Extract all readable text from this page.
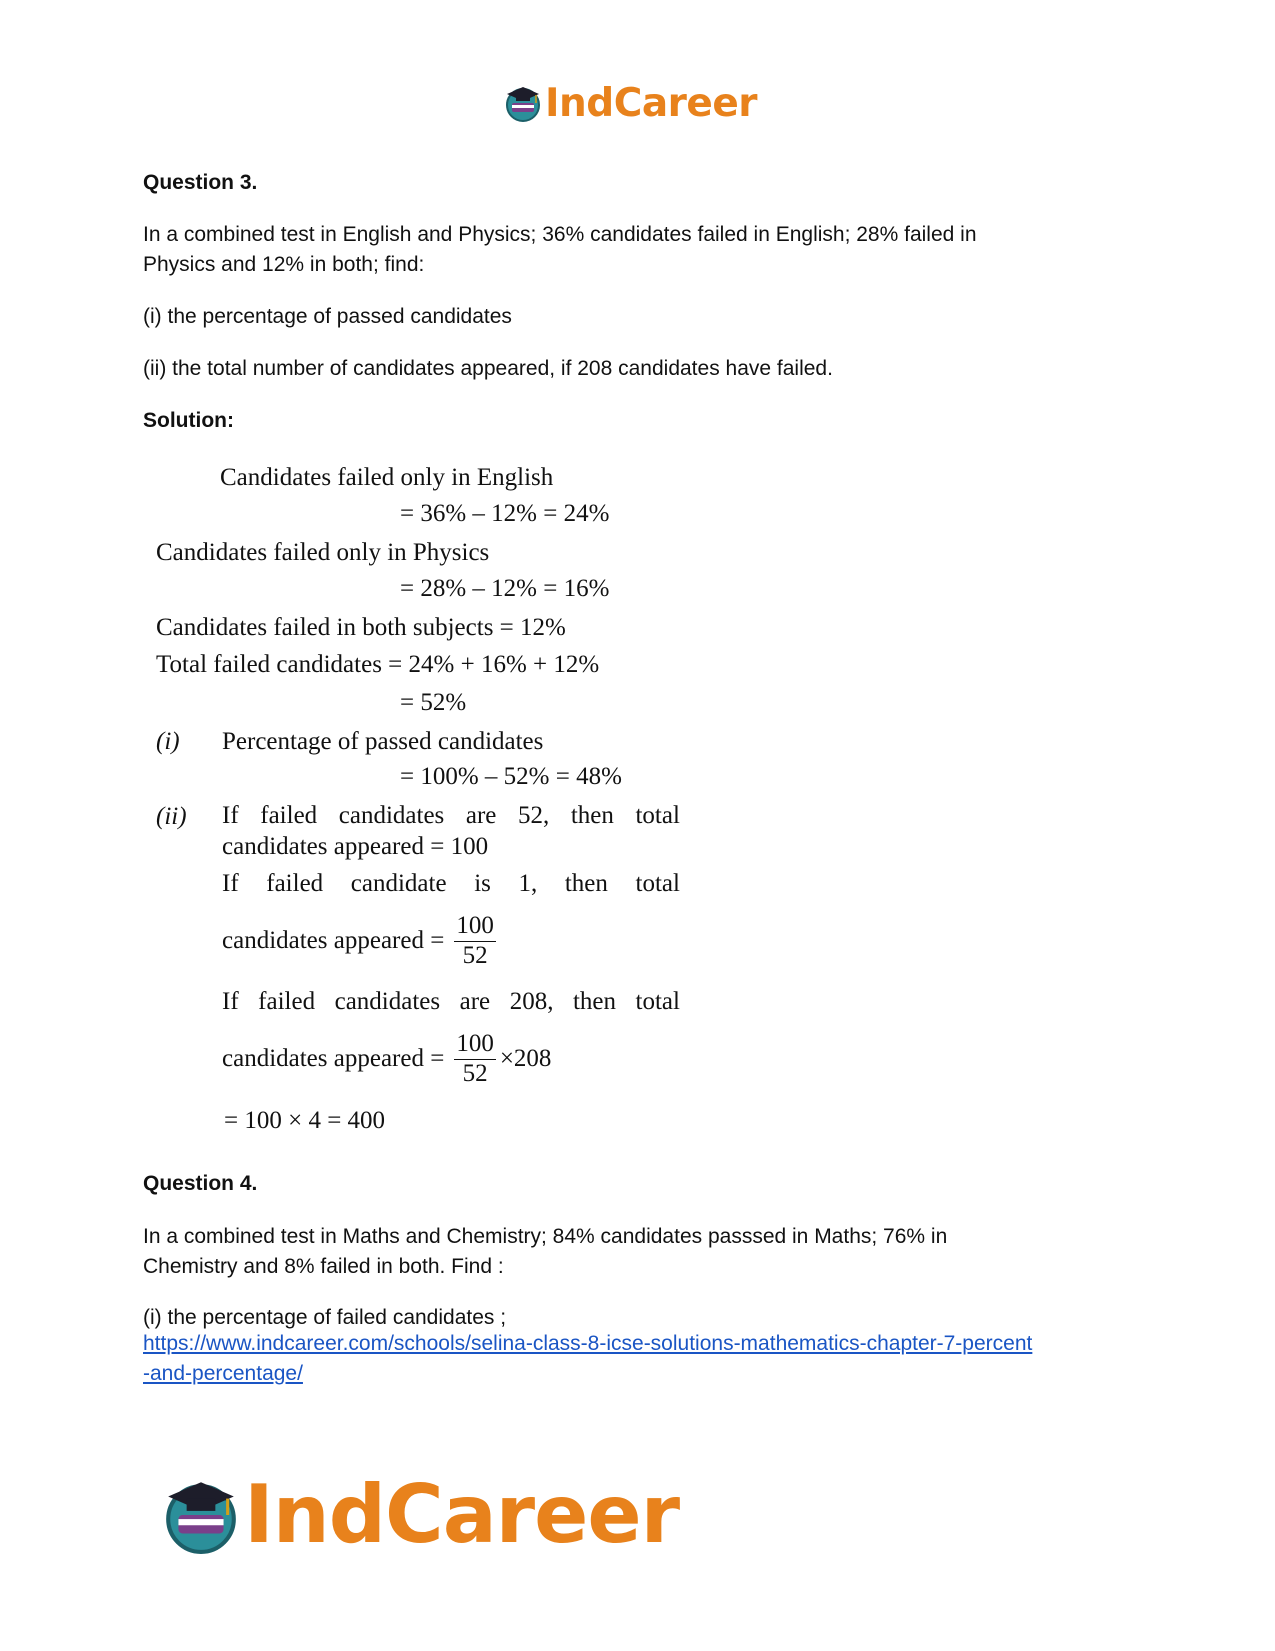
IndCareer
Question 3.
In a combined test in English and Physics; 36% candidates failed in English; 28% failed in
Physics and 12% in both; find:
(i) the percentage of passed candidates
(ii) the total number of candidates appeared, if 208 candidates have failed.
Solution:
Candidates failed only in English
= 36% – 12% = 24%
Candidates failed only in Physics
= 28% – 12% = 16%
Candidates failed in both subjects = 12%
Total failed candidates = 24% + 16% + 12%
= 52%
(i) Percentage of passed candidates
= 100% – 52% = 48%
(ii) If failed candidates are 52, then total
candidates appeared = 100
If failed candidate is 1, then total
candidates appeared = $\frac{100}{52}$
If failed candidates are 208, then total
candidates appeared = $\frac{100}{52} \times 208$
= 100 × 4 = 400
Question 4.
In a combined test in Maths and Chemistry; 84% candidates passsed in Maths; 76% in
Chemistry and 8% failed in both. Find :
(i) the percentage of failed candidates ;
https://www.indcareer.com/schools/selina-class-8-icse-solutions-mathematics-chapter-7-percent
-and-percentage/
IndCareer
